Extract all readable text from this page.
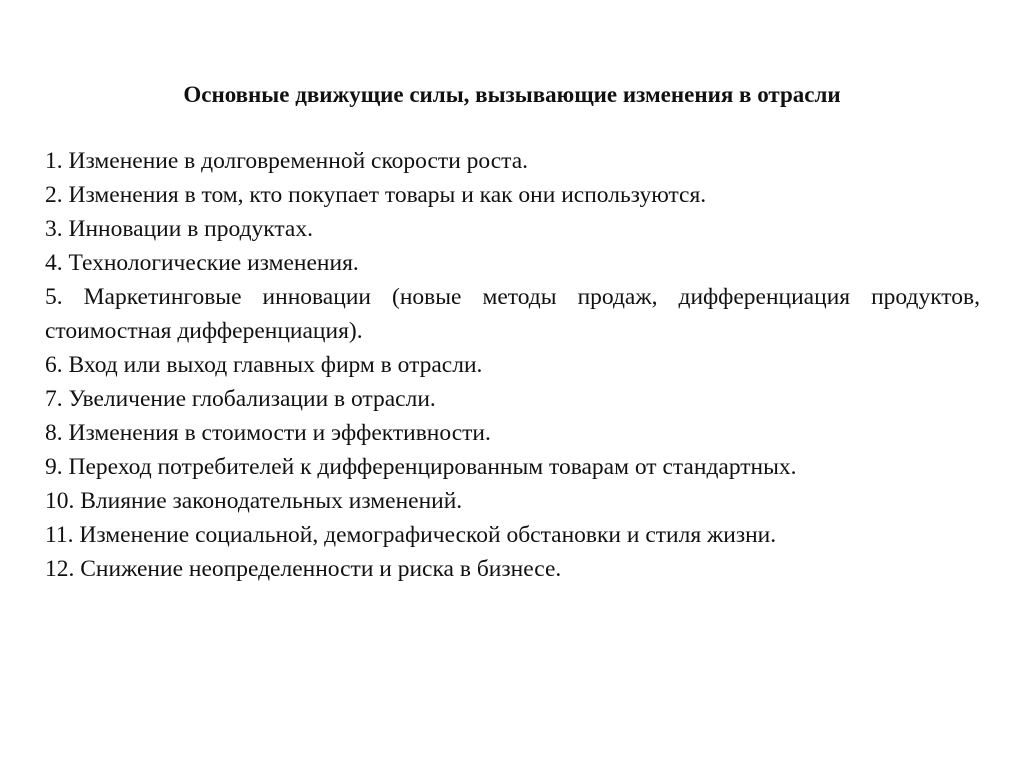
Основные движущие силы, вызывающие изменения в отрасли
1. Изменение в долговременной скорости роста.
2. Изменения в том, кто покупает товары и как они используются.
3. Инновации в продуктах.
4. Технологические изменения.
5. Маркетинговые инновации (новые методы продаж, дифференциация продуктов, стоимостная дифференциация).
6. Вход или выход главных фирм в отрасли.
7. Увеличение глобализации в отрасли.
8. Изменения в стоимости и эффективности.
9. Переход потребителей к дифференцированным товарам от стандартных.
10. Влияние законодательных изменений.
11. Изменение социальной, демографической обстановки и стиля жизни.
12. Снижение неопределенности и риска в бизнесе.
